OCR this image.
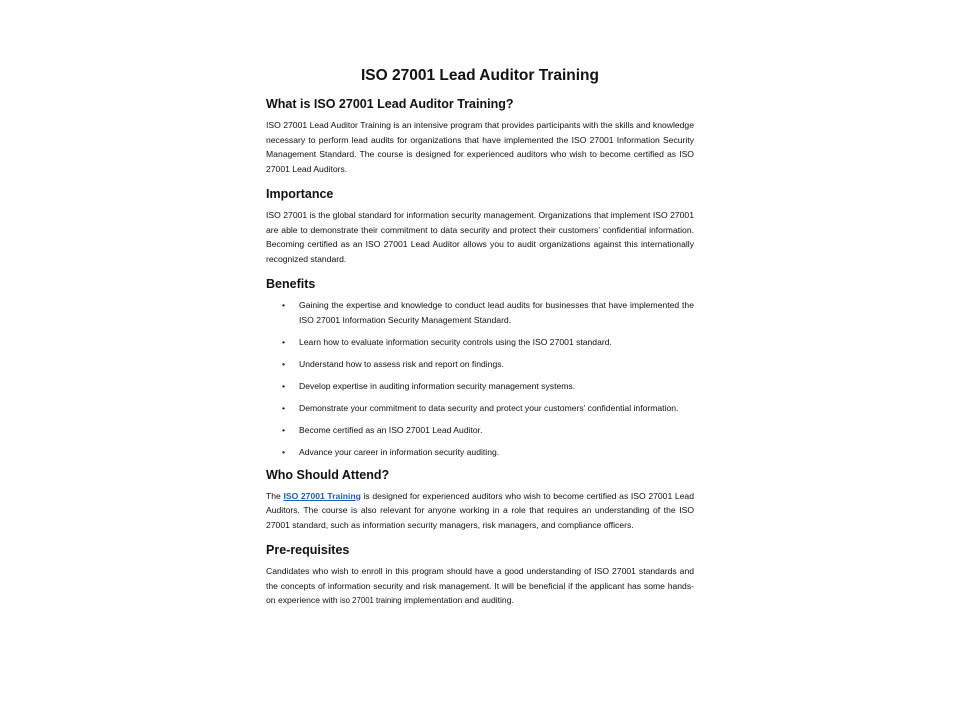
ISO 27001 Lead Auditor Training
What is ISO 27001 Lead Auditor Training?

ISO 27001 Lead Auditor Training is an intensive program that provides participants with the skills and knowledge necessary to perform lead audits for organizations that have implemented the ISO 27001 Information Security Management Standard. The course is designed for experienced auditors who wish to become certified as ISO 27001 Lead Auditors.

Importance

ISO 27001 is the global standard for information security management. Organizations that implement ISO 27001 are able to demonstrate their commitment to data security and protect their customers’ confidential information. Becoming certified as an ISO 27001 Lead Auditor allows you to audit organizations against this internationally recognized standard.

Benefits
• Gaining the expertise and knowledge to conduct lead audits for businesses that have implemented the ISO 27001 Information Security Management Standard.
• Learn how to evaluate information security controls using the ISO 27001 standard.
• Understand how to assess risk and report on findings.
• Develop expertise in auditing information security management systems.
• Demonstrate your commitment to data security and protect your customers’ confidential information.
• Become certified as an ISO 27001 Lead Auditor.
• Advance your career in information security auditing.
Who Should Attend?

The ISO 27001 Training is designed for experienced auditors who wish to become certified as ISO 27001 Lead Auditors. The course is also relevant for anyone working in a role that requires an understanding of the ISO 27001 standard, such as information security managers, risk managers, and compliance officers.

Pre-requisites

Candidates who wish to enroll in this program should have a good understanding of ISO 27001 standards and the concepts of information security and risk management. It will be beneficial if the applicant has some hands-on experience with iso 27001 training implementation and auditing.
